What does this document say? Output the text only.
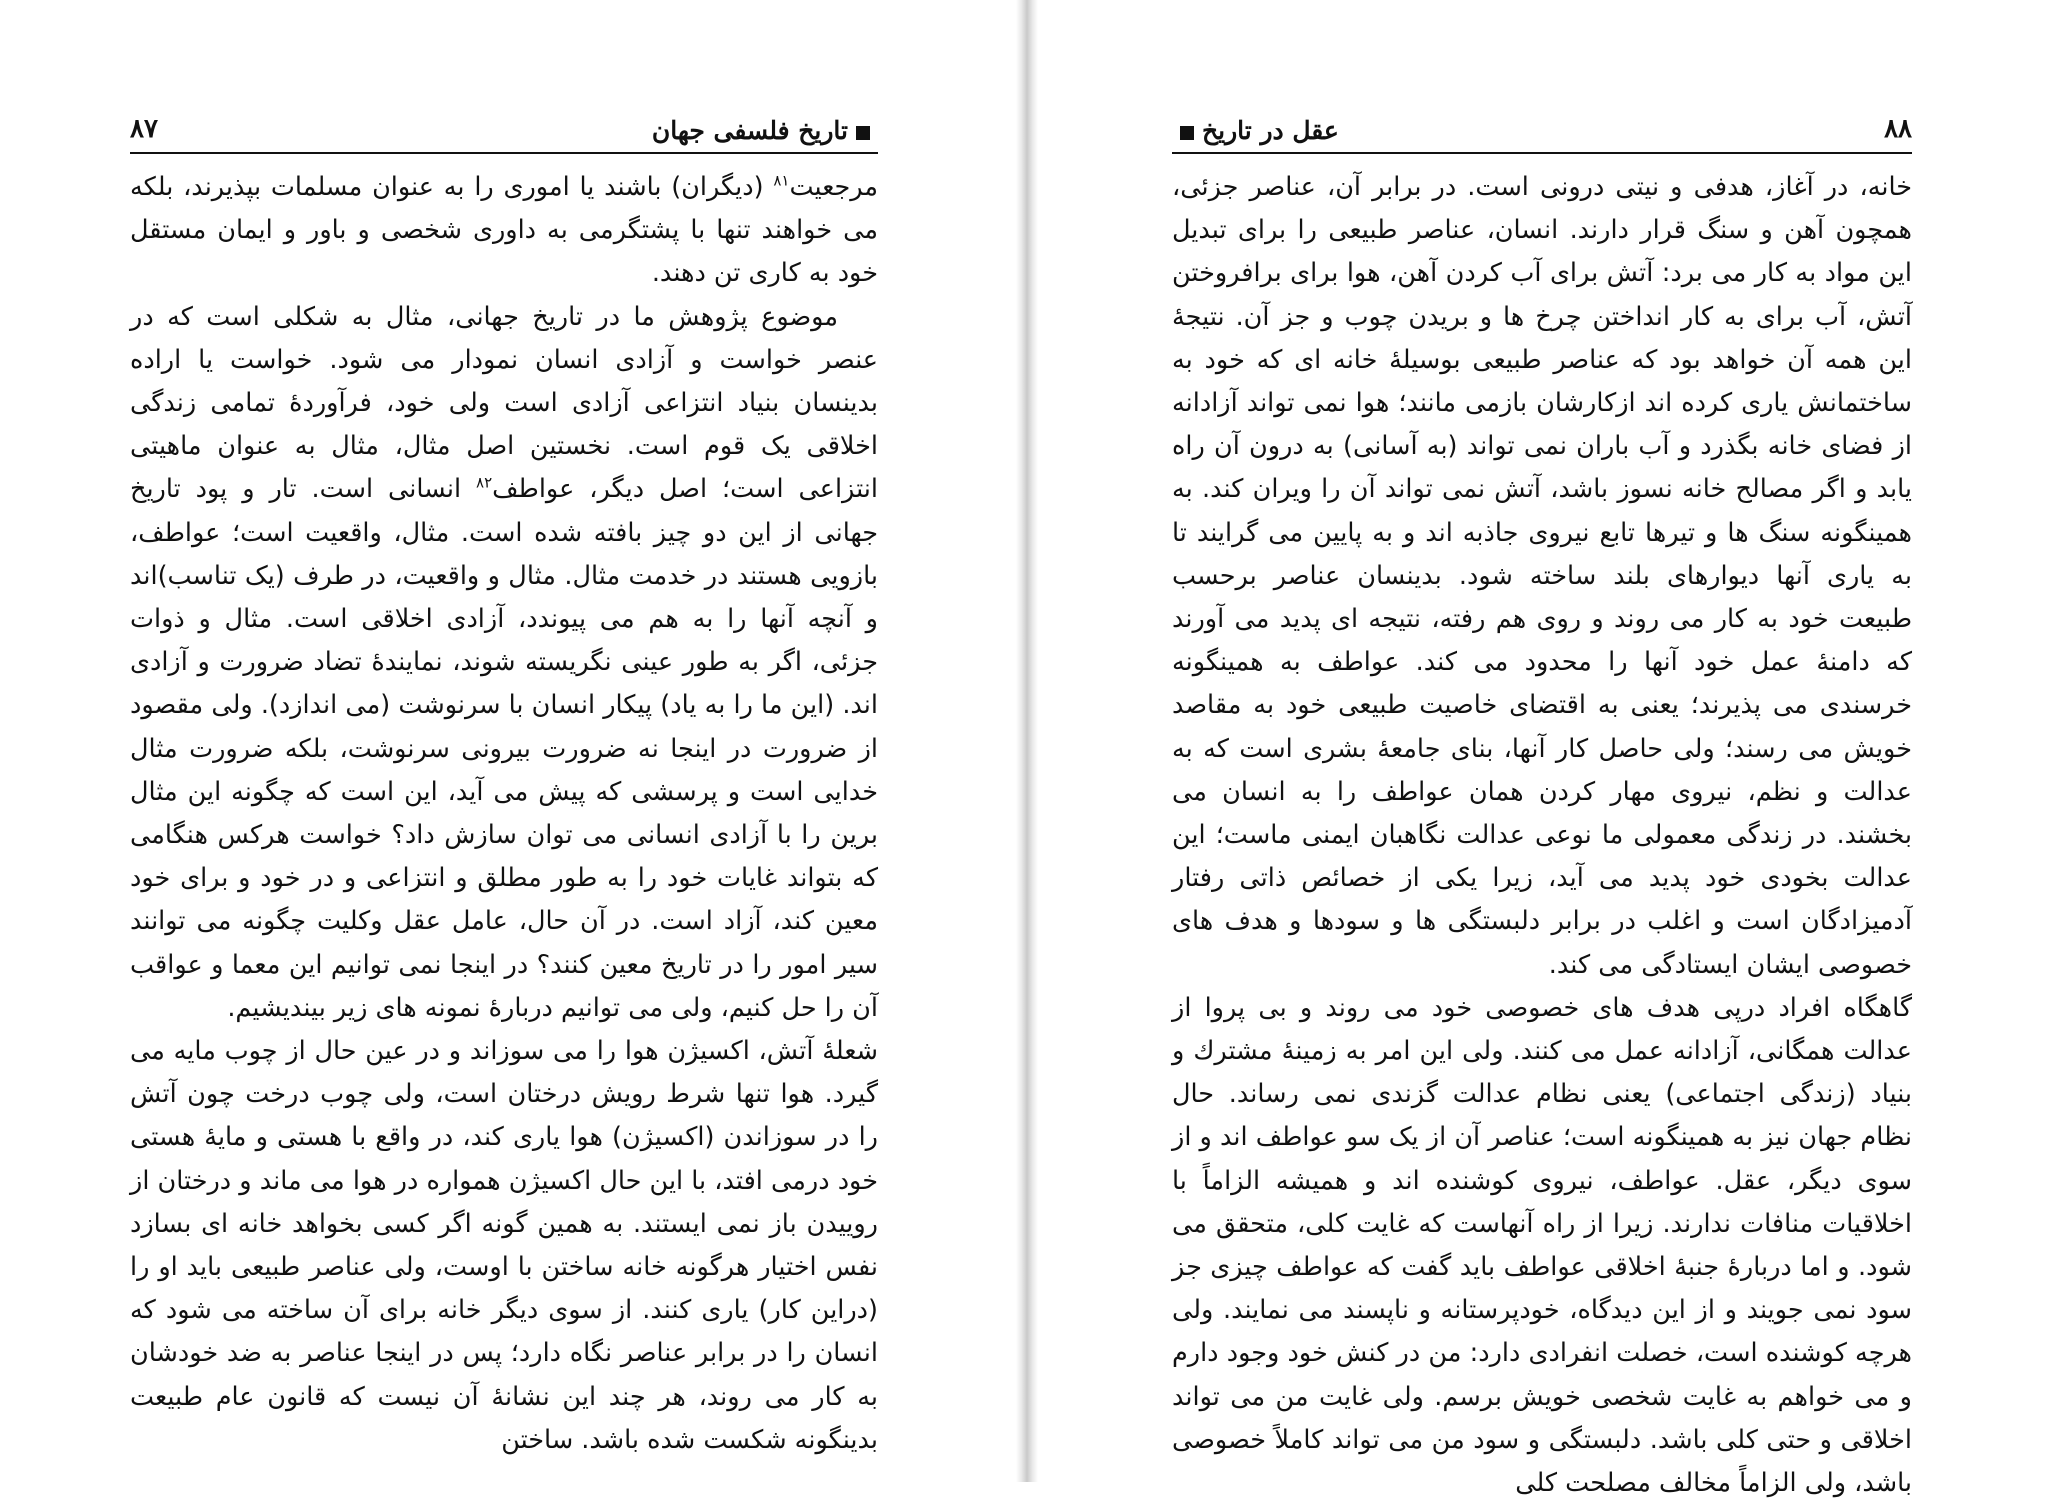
تاریخ فلسفی جهان
۸۷

مرجعیت$^{۸۱}$ (دیگران) باشند یا اموری را به عنوان مسلمات بپذیرند، بلکه می خواهند تنها با پشتگرمی به داوری شخصی و باور و ایمان مستقل خود به کاری تن دهند.

موضوع پژوهش ما در تاریخ جهانی، مثال به شکلی است که در عنصر خواست و آزادی انسان نمودار می شود. خواست یا اراده بدینسان بنیاد انتزاعی آزادی است ولی خود، فرآوردهٔ تمامی زندگی اخلاقی یک قوم است. نخستین اصل مثال، مثال به عنوان ماهیتی انتزاعی است؛ اصل دیگر، عواطف$^{۸۲}$ انسانی است. تار و پود تاریخ جهانی از این دو چیز بافته شده است. مثال، واقعیت است؛ عواطف، بازویی هستند در خدمت مثال. مثال و واقعیت، در طرف (یک تناسب)اند و آنچه آنها را به هم می پیوندد، آزادی اخلاقی است. مثال و ذوات جزئی، اگر به طور عینی نگریسته شوند، نمایندهٔ تضاد ضرورت و آزادی اند. (این ما را به یاد) پیکار انسان با سرنوشت (می اندازد). ولی مقصود از ضرورت در اینجا نه ضرورت بیرونی سرنوشت، بلکه ضرورت مثال خدایی است و پرسشی که پیش می آید، این است که چگونه این مثال برین را با آزادی انسانی می توان سازش داد؟ خواست هرکس هنگامی که بتواند غایات خود را به طور مطلق و انتزاعی و در خود و برای خود معین کند، آزاد است. در آن حال، عامل عقل وکلیت چگونه می توانند سیر امور را در تاریخ معین کنند؟ در اینجا نمی توانیم این معما و عواقب آن را حل کنیم، ولی می توانیم دربارهٔ نمونه های زیر بیندیشیم.

شعلهٔ آتش، اکسیژن هوا را می سوزاند و در عین حال از چوب مایه می گیرد. هوا تنها شرط رویش درختان است، ولی چوب درخت چون آتش را در سوزاندن (اکسیژن) هوا یاری کند، در واقع با هستی و مایهٔ هستی خود درمی افتد، با این حال اکسیژن همواره در هوا می ماند و درختان از روییدن باز نمی ایستند. به همین گونه اگر کسی بخواهد خانه ای بسازد نفس اختیار هرگونه خانه ساختن با اوست، ولی عناصر طبیعی باید او را (دراین کار) یاری کنند. از سوی دیگر خانه برای آن ساخته می شود که انسان را در برابر عناصر نگاه دارد؛ پس در اینجا عناصر به ضد خودشان به کار می روند، هر چند این نشانهٔ آن نیست که قانون عام طبیعت بدینگونه شکست شده باشد. ساختن

عقل در تاریخ	۸۸

خانه، در آغاز، هدفی و نیتی درونی است. در برابر آن، عناصر جزئی، همچون آهن و سنگ قرار دارند. انسان، عناصر طبیعی را برای تبدیل این مواد به کار می برد: آتش برای آب کردن آهن، هوا برای برافروختن آتش، آب برای به کار انداختن چرخ ها و بریدن چوب و جز آن. نتیجهٔ این همه آن خواهد بود که عناصر طبیعی بوسیلهٔ خانه ای که خود به ساختمانش یاری کرده اند ازکارشان بازمی مانند؛ هوا نمی تواند آزادانه از فضای خانه بگذرد و آب باران نمی تواند (به آسانی) به درون آن راه یابد و اگر مصالح خانه نسوز باشد، آتش نمی تواند آن را ویران کند. به همینگونه سنگ ها و تیرها تابع نیروی جاذبه اند و به پایین می گرایند تا به یاری آنها دیوارهای بلند ساخته شود. بدینسان عناصر برحسب طبیعت خود به کار می روند و روی هم رفته، نتیجه ای پدید می آورند که دامنهٔ عمل خود آنها را محدود می کند. عواطف به همینگونه خرسندی می پذیرند؛ یعنی به اقتضای خاصیت طبیعی خود به مقاصد خویش می رسند؛ ولی حاصل کار آنها، بنای جامعهٔ بشری است که به عدالت و نظم، نیروی مهار کردن همان عواطف را به انسان می بخشند. در زندگی معمولی ما نوعی عدالت نگاهبان ایمنی ماست؛ این عدالت بخودی خود پدید می آید، زیرا یکی از خصائص ذاتی رفتار آدمیزادگان است و اغلب در برابر دلبستگی ها و سودها و هدف های خصوصی ایشان ایستادگی می کند.

گاهگاه افراد درپی هدف های خصوصی خود می روند و بی پروا از عدالت همگانی، آزادانه عمل می کنند. ولی این امر به زمینهٔ مشترك و بنیاد (زندگی اجتماعی) یعنی نظام عدالت گزندی نمی رساند. حال نظام جهان نیز به همینگونه است؛ عناصر آن از یک سو عواطف اند و از سوی دیگر، عقل. عواطف، نیروی کوشنده اند و همیشه الزاماً با اخلاقیات منافات ندارند. زیرا از راه آنهاست که غایت کلی، متحقق می شود. و اما دربارهٔ جنبهٔ اخلاقی عواطف باید گفت که عواطف چیزی جز سود نمی جویند و از این دیدگاه، خودپرستانه و ناپسند می نمایند. ولی هرچه کوشنده است، خصلت انفرادی دارد: من در کنش خود وجود دارم و می خواهم به غایت شخصی خویش برسم. ولی غایت من می تواند اخلاقی و حتی کلی باشد. دلبستگی و سود من می تواند کاملاً خصوصی باشد، ولی الزاماً مخالف مصلحت کلی
